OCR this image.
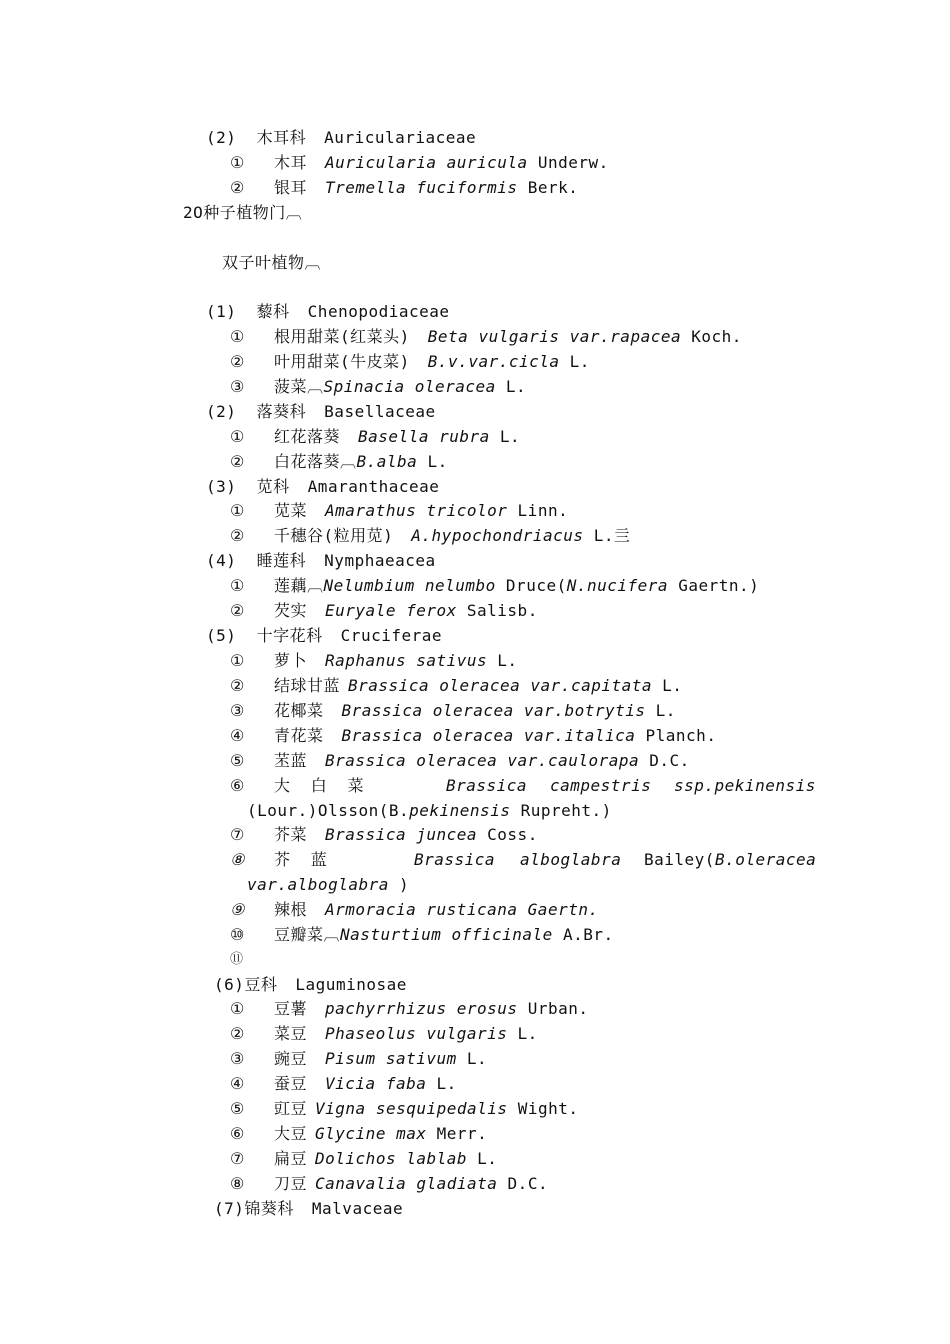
(2)  木耳科 Auriculariaceae
① 木耳 Auricularia auricula Underw.
② 银耳 Tremella fuciformis Berk.
2O种子植物门︹
双子叶植物︹
(1)  藜科 Chenopodiaceae
① 根用甜菜(红菜头) Beta vulgaris var.rapacea Koch.
② 叶用甜菜(牛皮菜) B.v.var.cicla L.
③ 菠菜︹Spinacia oleracea L.
(2)  落葵科 Basellaceae
① 红花落葵 Basella rubra L.
② 白花落葵︹B.alba L.
(3)  苋科 Amaranthaceae
① 苋菜 Amarathus tricolor Linn.
② 千穗谷(粒用苋) A.hypochondriacus L.亖
(4)  睡莲科 Nymphaeacea
① 莲藕︹Nelumbium nelumbo Druce(N.nucifera Gaertn.)
② 芡实 Euryale ferox Salisb.
(5)  十字花科 Cruciferae
① 萝卜 Raphanus sativus L.
② 结球甘蓝 Brassica oleracea var.capitata L.
③ 花椰菜 Brassica oleracea var.botrytis L.
④ 青花菜 Brassica oleracea var.italica Planch.
⑤ 苤蓝 Brassica oleracea var.caulorapa D.C.
⑥ 大  白  菜	Brassica campestris ssp.pekinensis
(Lour.)Olsson(B.pekinensis Rupreht.)
⑦ 芥菜 Brassica juncea Coss.
⑧ 芥  蓝	Brassica alboglabra Bailey(B.oleracea
var.alboglabra )
⑨ 辣根 Armoracia rusticana Gaertn.
⑩ 豆瓣菜︹Nasturtium officinale A.Br.
⑪
(6)豆科 Laguminosae
① 豆薯 pachyrrhizus erosus Urban.
② 菜豆 Phaseolus vulgaris L.
③ 豌豆 Pisum sativum L.
④ 蚕豆 Vicia faba L.
⑤ 豇豆 Vigna sesquipedalis Wight.
⑥ 大豆 Glycine max Merr.
⑦ 扁豆 Dolichos lablab L.
⑧ 刀豆 Canavalia gladiata D.C.
(7)锦葵科 Malvaceae
